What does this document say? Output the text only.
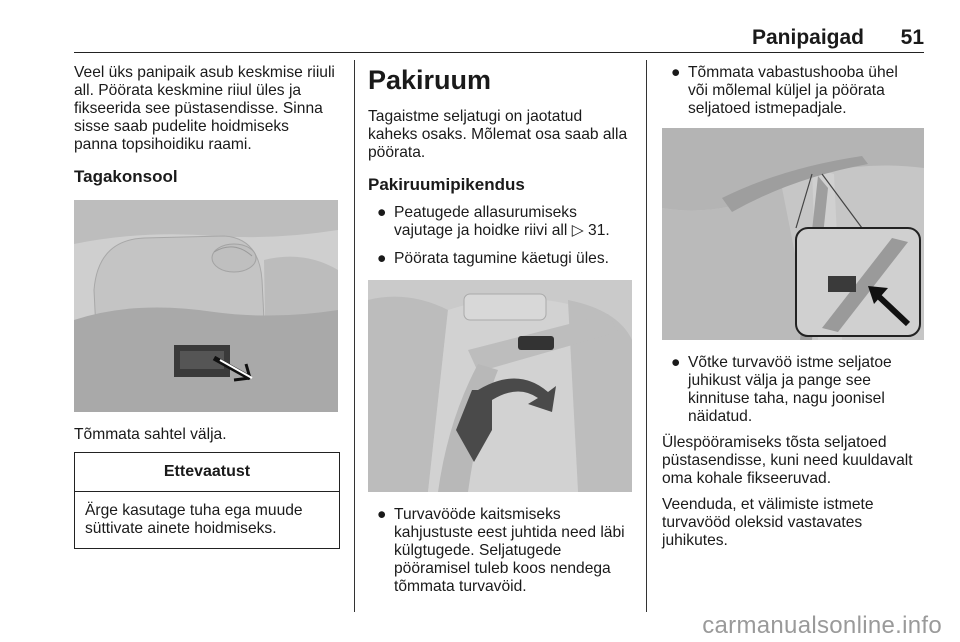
Panipaigad 51

Veel üks panipaik asub keskmise riiuli

all. Pöörata keskmine riiul üles ja

fikseerida see püstasendisse. Sinna

sisse saab pudelite hoidmiseks

panna topsihoidiku raami.

Tagakonsool

Tõmmata sahtel välja.

Ettevaatust
Ärge kasutage tuha ega muude
süttivate ainete hoidmiseks.

Pakiruum

Tagaistme seljatugi on jaotatud

kaheks osaks. Mõlemat osa saab alla

pöörata.

Pakiruumipikendus

● Peatugede allasurumiseks
vajutage ja hoidke riivi all ▷ 31.
● Pöörata tagumine käetugi üles.
● Turvavööde kaitsmiseks
kahjustuste eest juhtida need läbi
külgtugede. Seljatugede
pööramisel tuleb koos nendega
tõmmata turvavöid.
● Tõmmata vabastushooba ühel
või mõlemal küljel ja pöörata
seljatoed istmepadjale.
● Võtke turvavöö istme seljatoe
juhikust välja ja pange see
kinnituse taha, nagu joonisel
näidatud.

Ülespööramiseks tõsta seljatoed

püstasendisse, kuni need kuuldavalt

oma kohale fikseeruvad.

Veenduda, et välimiste istmete

turvavööd oleksid vastavates

juhikutes.

carmanualsonline.info
